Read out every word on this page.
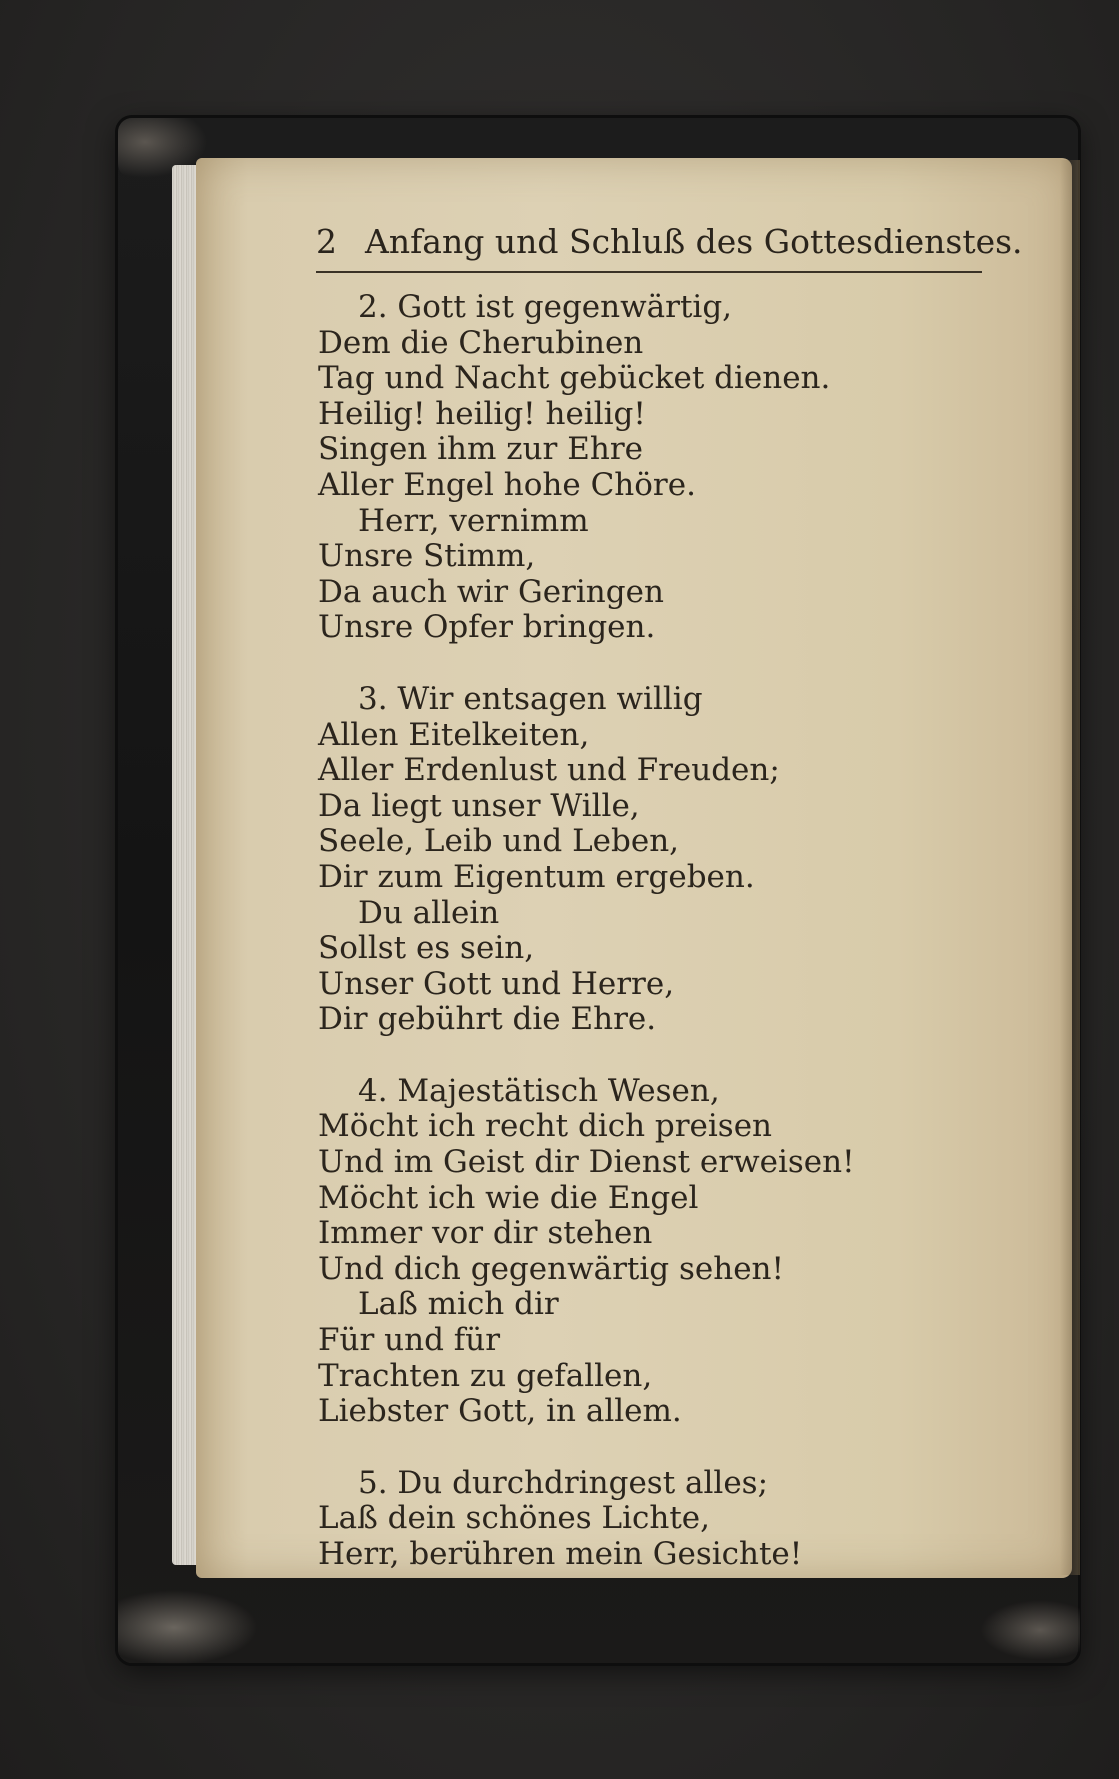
2 Anfang und Schluß des Gottesdienstes.
2. Gott ist gegenwärtig,
Dem die Cherubinen
Tag und Nacht gebücket dienen.
Heilig! heilig! heilig!
Singen ihm zur Ehre
Aller Engel hohe Chöre.
Herr, vernimm
Unsre Stimm,
Da auch wir Geringen
Unsre Opfer bringen.
3. Wir entsagen willig
Allen Eitelkeiten,
Aller Erdenlust und Freuden;
Da liegt unser Wille,
Seele, Leib und Leben,
Dir zum Eigentum ergeben.
Du allein
Sollst es sein,
Unser Gott und Herre,
Dir gebührt die Ehre.
4. Majestätisch Wesen,
Möcht ich recht dich preisen
Und im Geist dir Dienst erweisen!
Möcht ich wie die Engel
Immer vor dir stehen
Und dich gegenwärtig sehen!
Laß mich dir
Für und für
Trachten zu gefallen,
Liebster Gott, in allem.
5. Du durchdringest alles;
Laß dein schönes Lichte,
Herr, berühren mein Gesichte!
